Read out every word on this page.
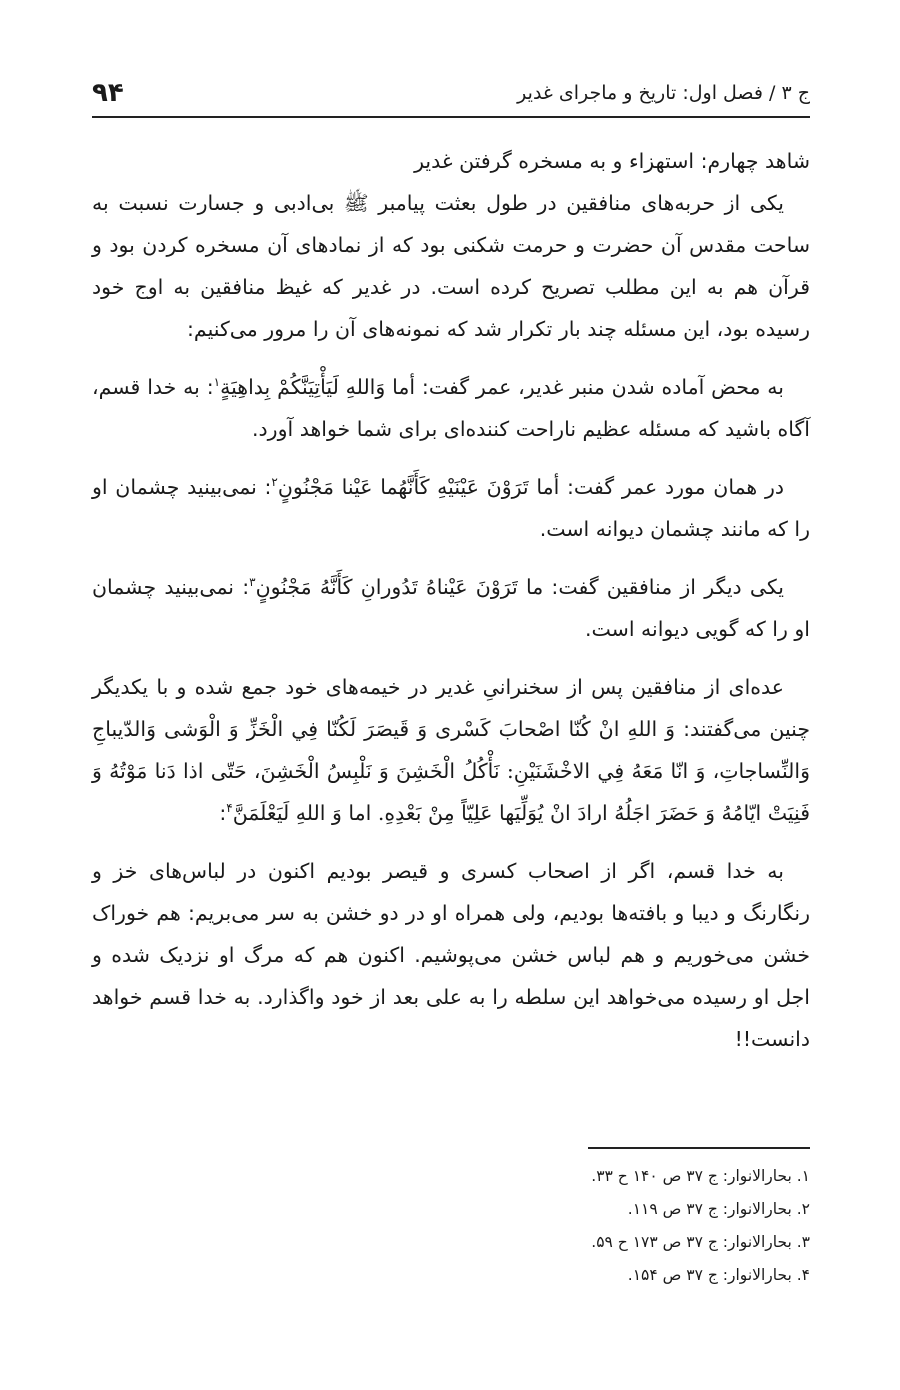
ج ۳ / فصل اول: تاریخ و ماجرای غدیر
۹۴

شاهد چهارم: استهزاء و به مسخره گرفتن غدیر

یکی از حربه‌های منافقین در طول بعثت پیامبر ﷺ بی‌ادبی و جسارت نسبت به ساحت مقدس آن حضرت و حرمت شکنی بود که از نمادهای آن مسخره کردن بود و قرآن هم به این مطلب تصریح کرده است. در غدیر که غیظ منافقین به اوج خود رسیده بود، این مسئله چند بار تکرار شد که نمونه‌های آن را مرور می‌کنیم:

به محض آماده شدن منبر غدیر، عمر گفت: أما وَاللهِ لَيَأْتِيَنَّكُمْ بِداهِيَةٍ$^۱$: به خدا قسم، آگاه باشید که مسئله عظیم ناراحت کننده‌ای برای شما خواهد آورد.

در همان مورد عمر گفت: أما تَرَوْنَ عَيْنَيْهِ كَأَنَّهُما عَيْنا مَجْنُونٍ$^۲$: نمی‌بینید چشمان او را که مانند چشمان دیوانه است.

یکی دیگر از منافقین گفت: ما تَرَوْنَ عَيْناهُ تَدُورانِ كَأَنَّهُ مَجْنُونٍ$^۳$: نمی‌بینید چشمان او را که گویی دیوانه است.

عده‌ای از منافقین پس از سخنرانیِ غدیر در خیمه‌های خود جمع شده و با یکدیگر چنین می‌گفتند: وَ اللهِ انْ كُنّا اصْحابَ كَسْرى وَ قَيصَرَ لَكُنّا فِي الْخَزِّ وَ الْوَشى وَالدّيباجِ وَالنِّساجاتِ، وَ انّا مَعَهُ فِي الاخْشَنَيْنِ: نَأْكُلُ الْخَشِنَ وَ نَلْبِسُ الْخَشِنَ، حَتّى اذا دَنا مَوْتُهُ وَ فَنِيَتْ ايّامُهُ وَ حَضَرَ اجَلُهُ ارادَ انْ يُوَلِّيَها عَلِيّاً مِنْ بَعْدِهِ. اما وَ اللهِ لَيَعْلَمَنَّ$^۴$:

به خدا قسم، اگر از اصحاب کسری و قیصر بودیم اکنون در لباس‌های خز و رنگارنگ و دیبا و بافته‌ها بودیم، ولی همراه او در دو خشن به سر می‌بریم: هم خوراک خشن می‌خوریم و هم لباس خشن می‌پوشیم. اکنون هم که مرگ او نزدیک شده و اجل او رسیده می‌خواهد این سلطه را به علی بعد از خود واگذارد. به خدا قسم خواهد دانست!!

۱. بحارالانوار: ج ۳۷ ص ۱۴۰ ح ۳۳.
۲. بحارالانوار: ج ۳۷ ص ۱۱۹.
۳. بحارالانوار: ج ۳۷ ص ۱۷۳ ح ۵۹.
۴. بحارالانوار: ج ۳۷ ص ۱۵۴.
